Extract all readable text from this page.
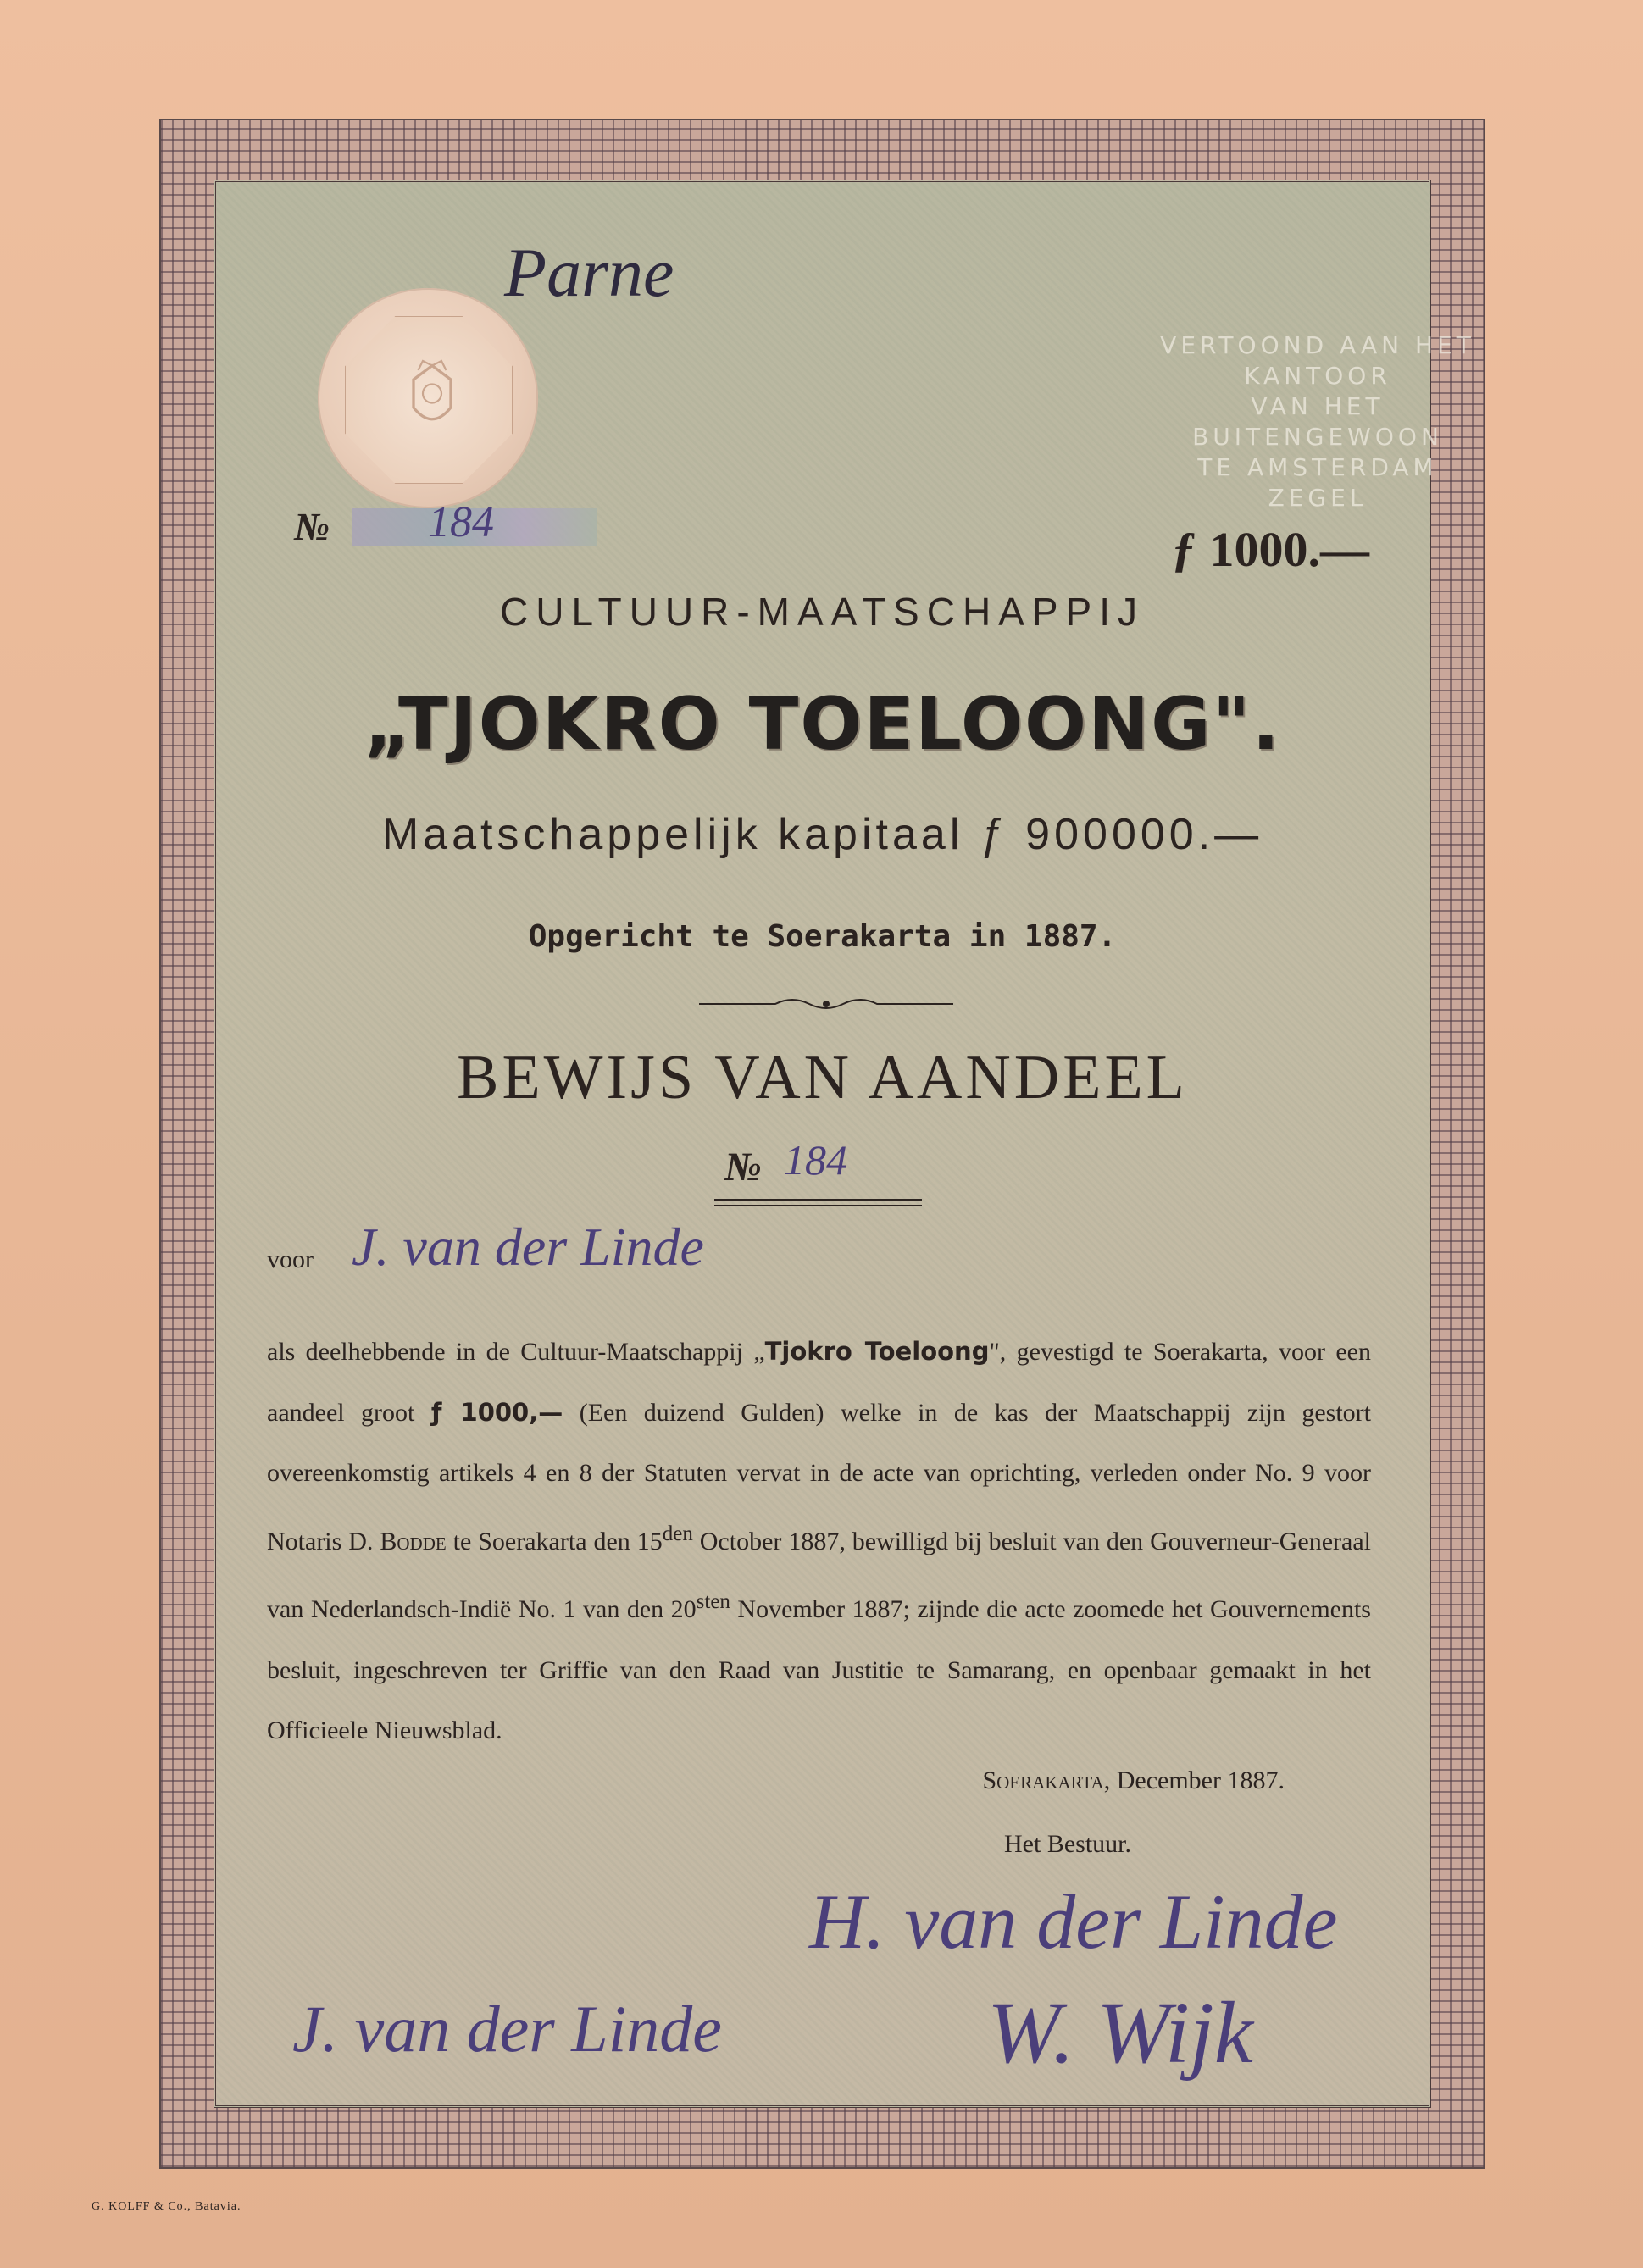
Parne
VERTOOND AAN HET KANTOOR
VAN HET BUITENGEWOON
TE AMSTERDAM
ZEGEL
№ 184	ƒ 1000.—
CULTUUR-MAATSCHAPPIJ
„TJOKRO TOELOONG".
Maatschappelijk kapitaal ƒ 900000.—
Opgericht te Soerakarta in 1887.
BEWIJS VAN AANDEEL
№ 184
voor J. van der Linde
als deelhebbende in de Cultuur-Maatschappij „Tjokro Toeloong", gevestigd te Soerakarta, voor een aandeel groot ƒ 1000,— (Een duizend Gulden) welke in de kas der Maatschappij zijn gestort overeenkomstig artikels 4 en 8 der Statuten vervat in de acte van oprichting, verleden onder No. 9 voor Notaris D. Bodde te Soerakarta den $15^{den}$ October 1887, bewilligd bij besluit van den Gouverneur-Generaal van Nederlandsch-Indië No. 1 van den $20^{sten}$ November 1887; zijnde die acte zoomede het Gouvernements besluit, ingeschreven ter Griffie van den Raad van Justitie te Samarang, en openbaar gemaakt in het Officieele Nieuwsblad.
Soerakarta, December 1887.
Het Bestuur.
H. van der Linde
J. van der Linde	W. Wijk
G. KOLFF & Co., Batavia.
